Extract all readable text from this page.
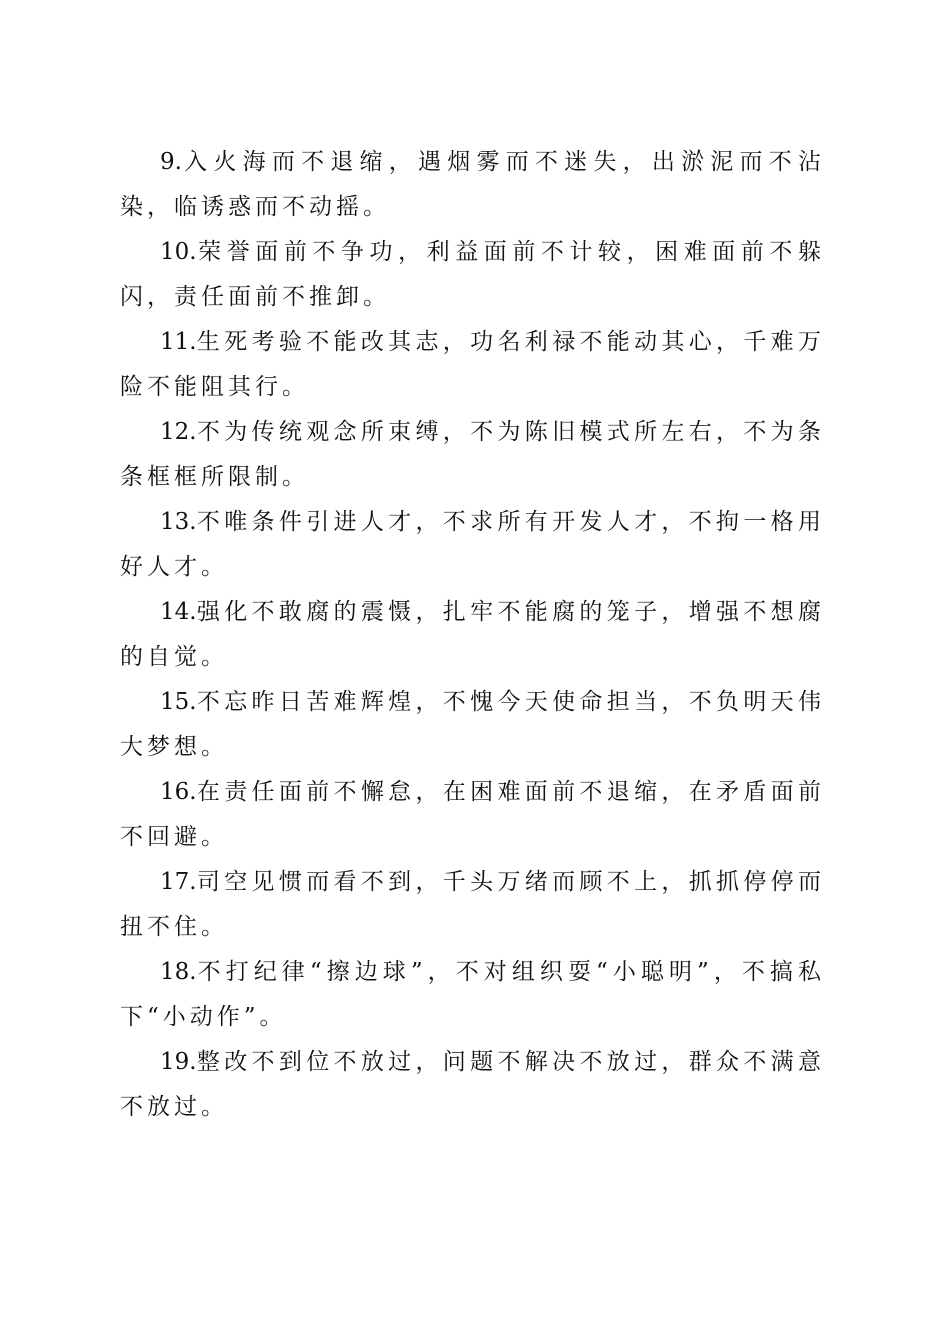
9.入火海而不退缩，遇烟雾而不迷失，出淤泥而不沾染，临诱惑而不动摇。

10.荣誉面前不争功，利益面前不计较，困难面前不躲闪，责任面前不推卸。

11.生死考验不能改其志，功名利禄不能动其心，千难万险不能阻其行。

12.不为传统观念所束缚，不为陈旧模式所左右，不为条条框框所限制。

13.不唯条件引进人才，不求所有开发人才，不拘一格用好人才。

14.强化不敢腐的震慑，扎牢不能腐的笼子，增强不想腐的自觉。

15.不忘昨日苦难辉煌，不愧今天使命担当，不负明天伟大梦想。

16.在责任面前不懈怠，在困难面前不退缩，在矛盾面前不回避。

17.司空见惯而看不到，千头万绪而顾不上，抓抓停停而扭不住。

18.不打纪律“擦边球”，不对组织耍“小聪明”，不搞私下“小动作”。

19.整改不到位不放过，问题不解决不放过，群众不满意不放过。
